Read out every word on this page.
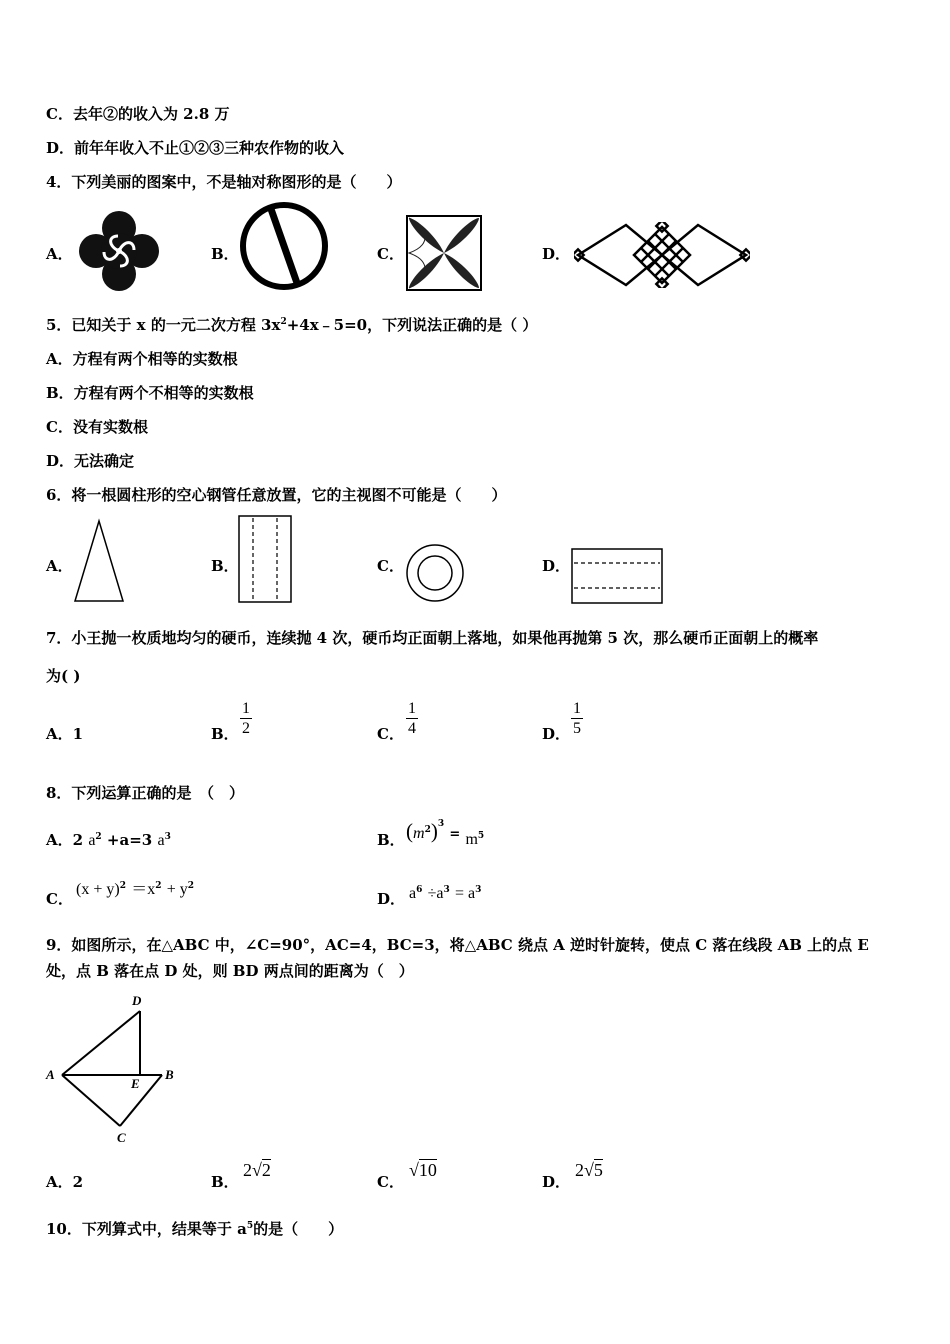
C．去年②的收入为 2.8 万
D．前年年收入不止①②③三种农作物的收入
4．下列美丽的图案中，不是轴对称图形的是（　　）
A．	B．	C．	D．
5．已知关于 x 的一元二次方程 $3x^2+4x﹣5=0$，下列说法正确的是（ ）
A．方程有两个相等的实数根
B．方程有两个不相等的实数根
C．没有实数根
D．无法确定
6．将一根圆柱形的空心钢管任意放置，它的主视图不可能是（　　）
A．	B．	C．	D．
7．小王抛一枚质地均匀的硬币，连续抛 4 次，硬币均正面朝上落地，如果他再抛第 5 次，那么硬币正面朝上的概率
为( )
A．1	B． $\frac{1}{2}$	C． $\frac{1}{4}$	D． $\frac{1}{5}$
8．下列运算正确的是　（　）
A．2 $a^2 +a=3$ $a^3$	B． $(m^2)^3 = m^5$
C．
$(x + y)^2 =x^2 + y^2$
D． $a^6 \div a^3 = a^3$
9．如图所示，在△ABC 中，∠C=90°，AC=4，BC=3，将△ABC 绕点 A 逆时针旋转，使点 C 落在线段 AB 上的点 E
处，点 B 落在点 D 处，则 BD 两点间的距离为（　）
D
A
E
B
C
A．2	B．
2√2
C．
√10
D．
2√5
10．下列算式中，结果等于 $a^5$的是（　　）
